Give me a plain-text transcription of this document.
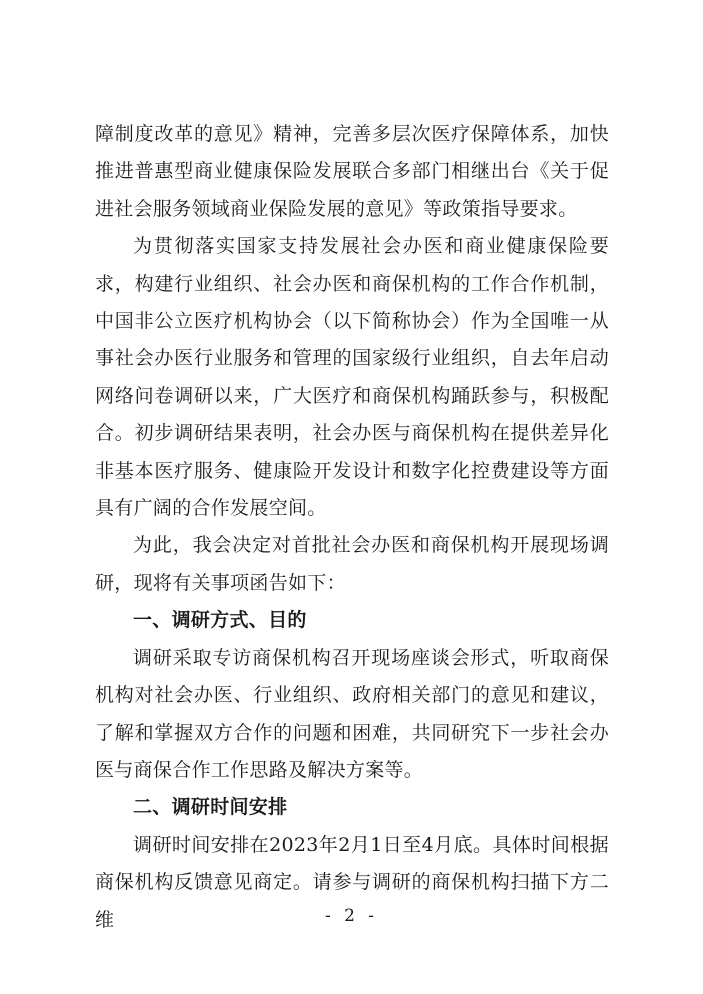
障制度改革的意见》精神，完善多层次医疗保障体系，加快推进普惠型商业健康保险发展联合多部门相继出台《关于促进社会服务领域商业保险发展的意见》等政策指导要求。

为贯彻落实国家支持发展社会办医和商业健康保险要求，构建行业组织、社会办医和商保机构的工作合作机制，中国非公立医疗机构协会（以下简称协会）作为全国唯一从事社会办医行业服务和管理的国家级行业组织，自去年启动网络问卷调研以来，广大医疗和商保机构踊跃参与，积极配合。初步调研结果表明，社会办医与商保机构在提供差异化非基本医疗服务、健康险开发设计和数字化控费建设等方面具有广阔的合作发展空间。

为此，我会决定对首批社会办医和商保机构开展现场调研，现将有关事项函告如下：

一、调研方式、目的

调研采取专访商保机构召开现场座谈会形式，听取商保机构对社会办医、行业组织、政府相关部门的意见和建议，了解和掌握双方合作的问题和困难，共同研究下一步社会办医与商保合作工作思路及解决方案等。

二、调研时间安排

调研时间安排在2023年2月1日至4月底。具体时间根据商保机构反馈意见商定。请参与调研的商保机构扫描下方二维	- 2 -
